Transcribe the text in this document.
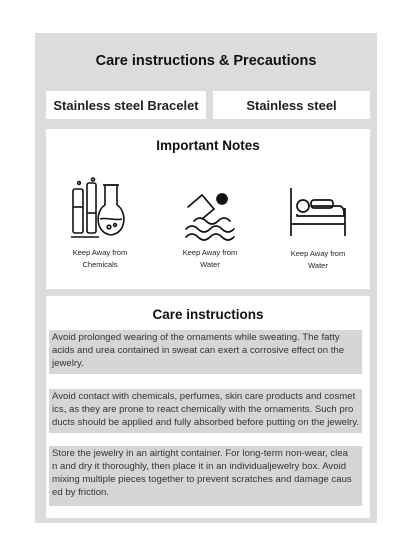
Care instructions & Precautions
Stainless steel Bracelet	Stainless steel
Important Notes
Keep Away from
Chemicals
Keep Away from
Water
Keep Away from
Water
Care instructions
Avoid prolonged wearing of the ornaments while sweating. The fatty
acids and urea contained in sweat can exert a corrosive effect on the
jewelry.
Avoid contact with chemicals, perfumes, skin care products and cosmet
ics, as they are prone to react chemically with the ornaments. Such pro
ducts should be applied and fully absorbed before putting on the jewelry.
Store the jewelry in an airtight container. For long-term non-wear, clea
n and dry it thoroughly, then place it in an individualjewelry box. Avoid
mixing multiple pieces together to prevent scratches and damage caus
ed by friction.
